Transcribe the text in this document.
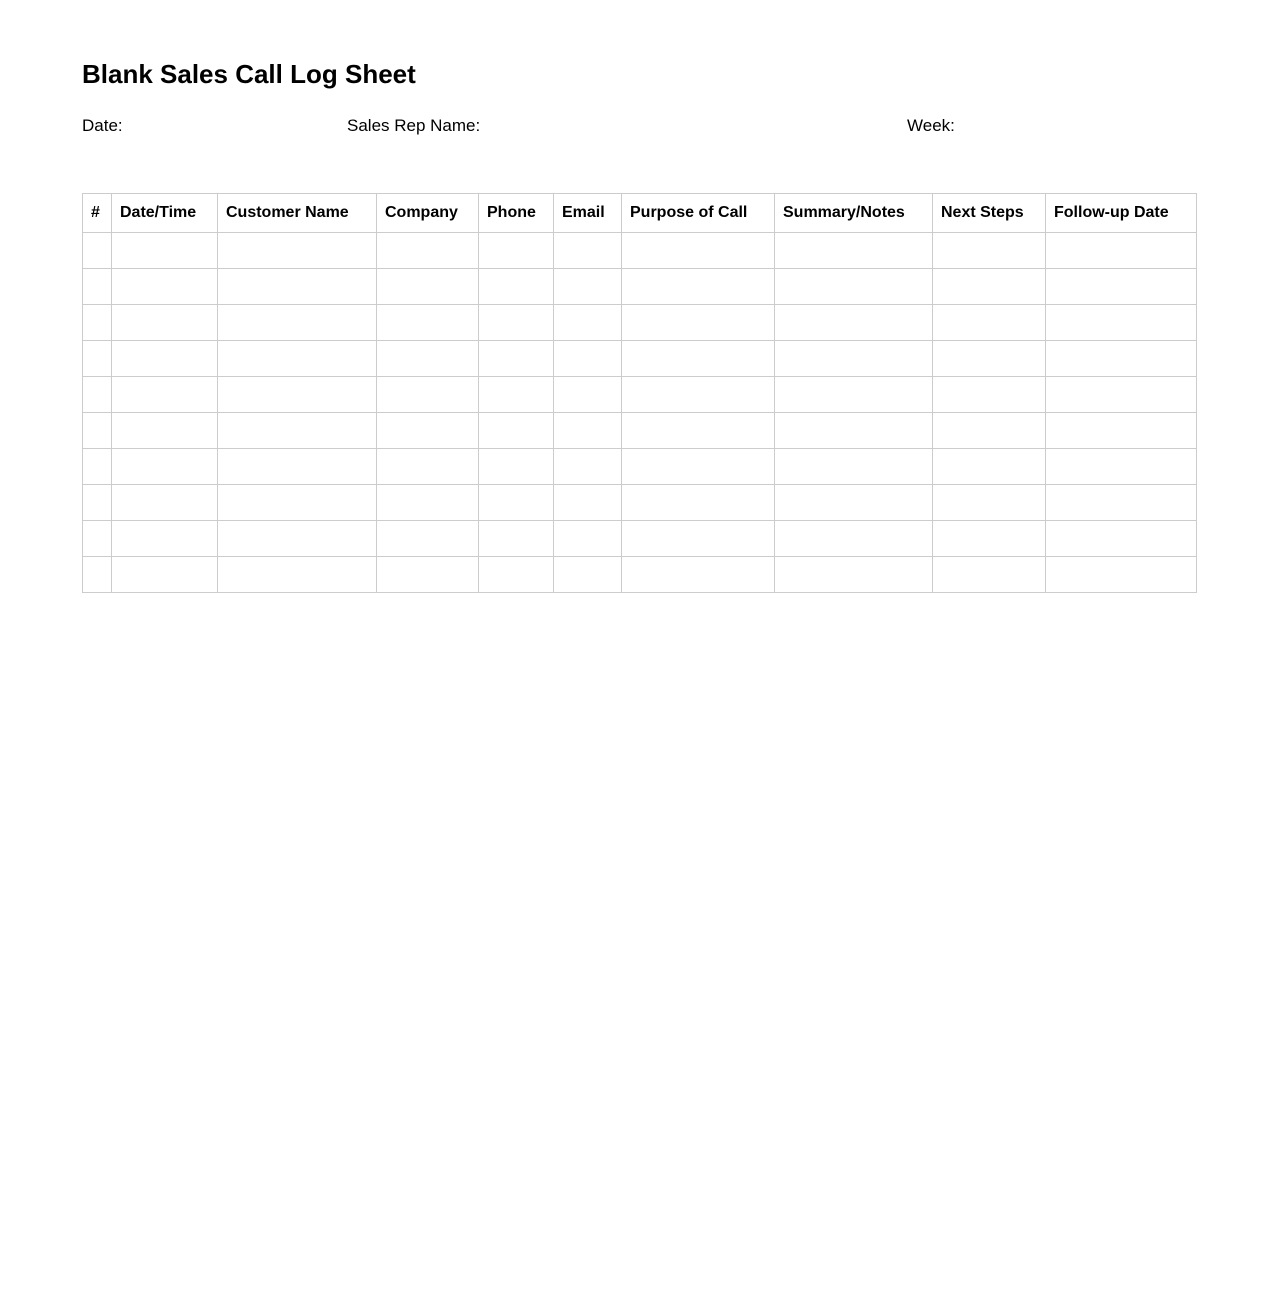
Blank Sales Call Log Sheet
Date:	Sales Rep Name:	Week:
#	Date/Time	Customer Name	Company	Phone	Email	Purpose of Call	Summary/Notes	Next Steps	Follow-up Date
